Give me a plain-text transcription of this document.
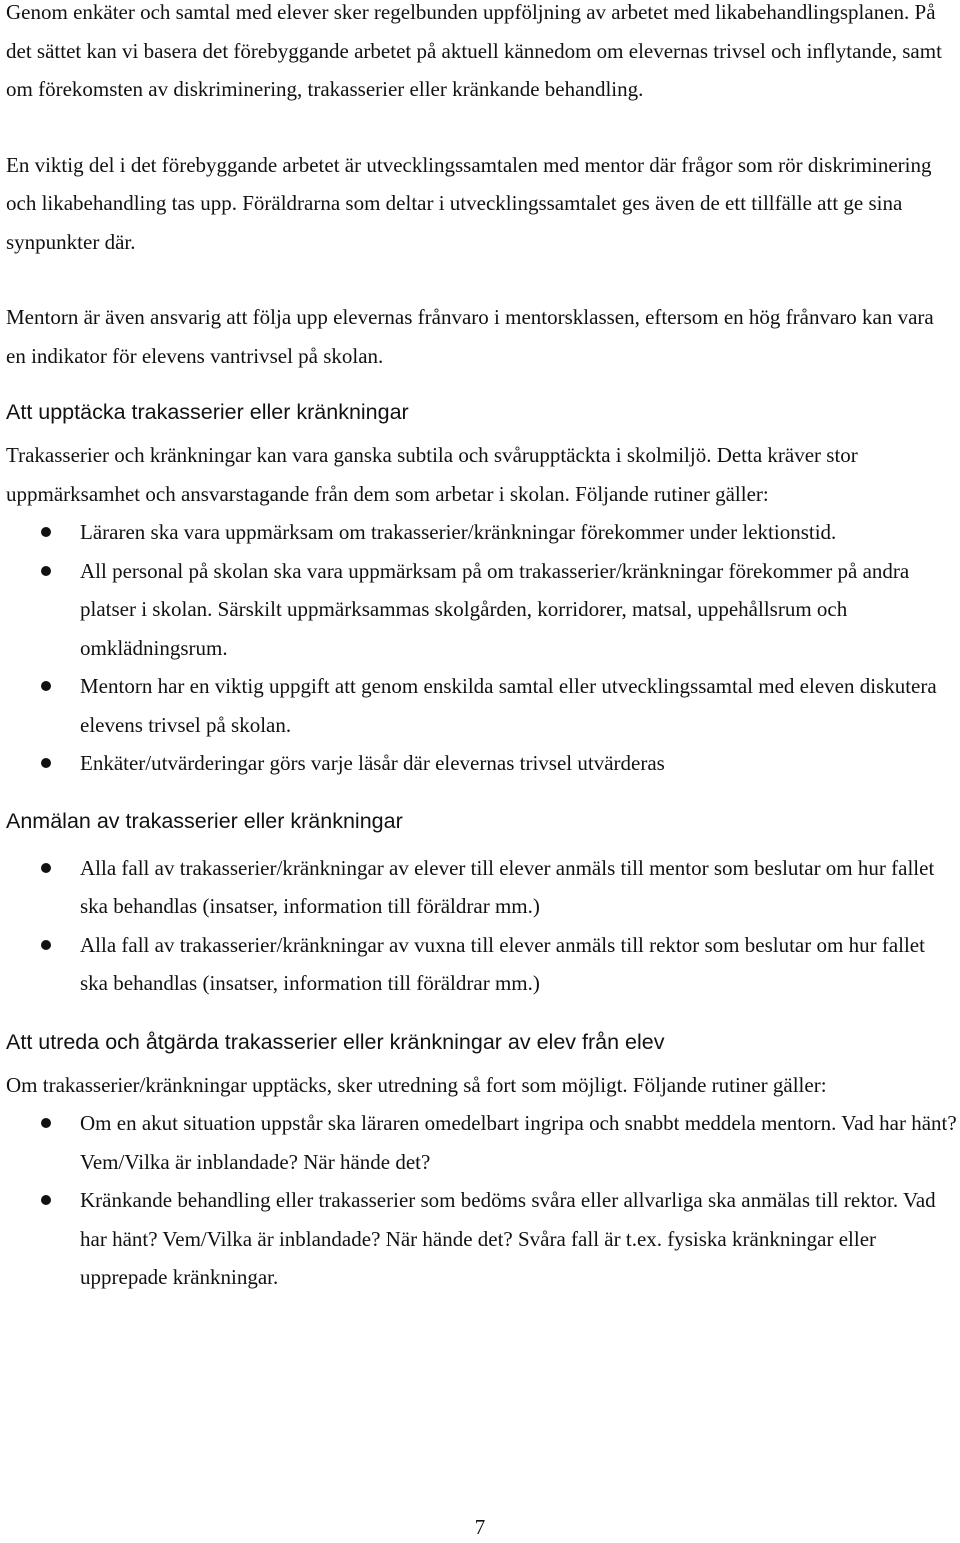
Genom enkäter och samtal med elever sker regelbunden uppföljning av arbetet med likabehandlingsplanen. På det sättet kan vi basera det förebyggande arbetet på aktuell kännedom om elevernas trivsel och inflytande, samt om förekomsten av diskriminering, trakasserier eller kränkande behandling.

En viktig del i det förebyggande arbetet är utvecklingssamtalen med mentor där frågor som rör diskriminering och likabehandling tas upp. Föräldrarna som deltar i utvecklingssamtalet ges även de ett tillfälle att ge sina synpunkter där.

Mentorn är även ansvarig att följa upp elevernas frånvaro i mentorsklassen, eftersom en hög frånvaro kan vara en indikator för elevens vantrivsel på skolan.

Att upptäcka trakasserier eller kränkningar

Trakasserier och kränkningar kan vara ganska subtila och svårupptäckta i skolmiljö. Detta kräver stor uppmärksamhet och ansvarstagande från dem som arbetar i skolan. Följande rutiner gäller:

Läraren ska vara uppmärksam om trakasserier/kränkningar förekommer under lektionstid.
All personal på skolan ska vara uppmärksam på om trakasserier/kränkningar förekommer på andra platser i skolan. Särskilt uppmärksammas skolgården, korridorer, matsal, uppehållsrum och omklädningsrum.
Mentorn har en viktig uppgift att genom enskilda samtal eller utvecklingssamtal med eleven diskutera elevens trivsel på skolan.
Enkäter/utvärderingar görs varje läsår där elevernas trivsel utvärderas
Anmälan av trakasserier eller kränkningar
Alla fall av trakasserier/kränkningar av elever till elever anmäls till mentor som beslutar om hur fallet ska behandlas (insatser, information till föräldrar mm.)
Alla fall av trakasserier/kränkningar av vuxna till elever anmäls till rektor som beslutar om hur fallet ska behandlas (insatser, information till föräldrar mm.)
Att utreda och åtgärda trakasserier eller kränkningar av elev från elev

Om trakasserier/kränkningar upptäcks, sker utredning så fort som möjligt. Följande rutiner gäller:

Om en akut situation uppstår ska läraren omedelbart ingripa och snabbt meddela mentorn. Vad har hänt? Vem/Vilka är inblandade? När hände det?
Kränkande behandling eller trakasserier som bedöms svåra eller allvarliga ska anmälas till rektor. Vad har hänt? Vem/Vilka är inblandade? När hände det? Svåra fall är t.ex. fysiska kränkningar eller upprepade kränkningar.
7
